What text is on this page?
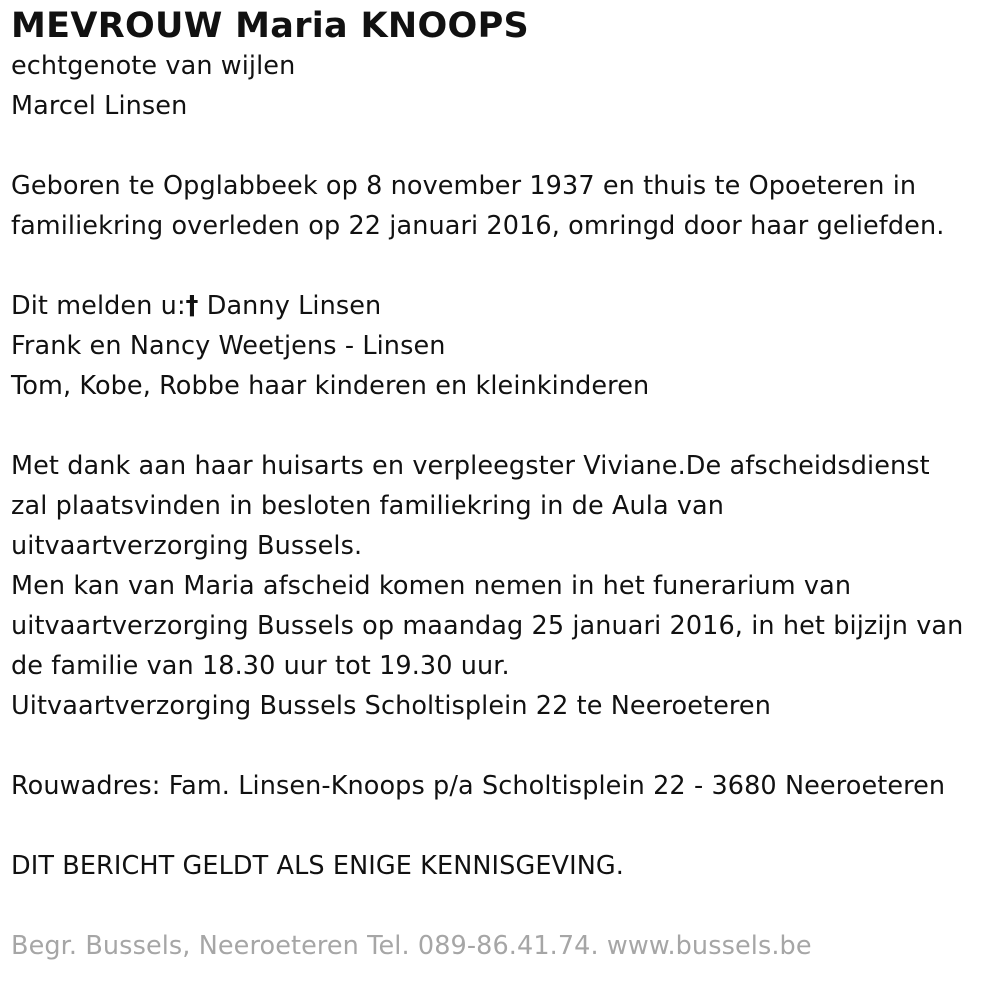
MEVROUW Maria KNOOPS
echtgenote van wijlen
Marcel Linsen
Geboren te Opglabbeek op 8 november 1937 en thuis te Opoeteren in
familiekring overleden op 22 januari 2016, omringd door haar geliefden.
Dit melden u:† Danny Linsen
Frank en Nancy Weetjens - Linsen
Tom, Kobe, Robbe haar kinderen en kleinkinderen
Met dank aan haar huisarts en verpleegster Viviane.De afscheidsdienst
zal plaatsvinden in besloten familiekring in de Aula van
uitvaartverzorging Bussels.
Men kan van Maria afscheid komen nemen in het funerarium van
uitvaartverzorging Bussels op maandag 25 januari 2016, in het bijzijn van
de familie van 18.30 uur tot 19.30 uur.
Uitvaartverzorging Bussels Scholtisplein 22 te Neeroeteren
Rouwadres: Fam. Linsen-Knoops p/a Scholtisplein 22 - 3680 Neeroeteren
DIT BERICHT GELDT ALS ENIGE KENNISGEVING.
Begr. Bussels, Neeroeteren Tel. 089-86.41.74. www.bussels.be
